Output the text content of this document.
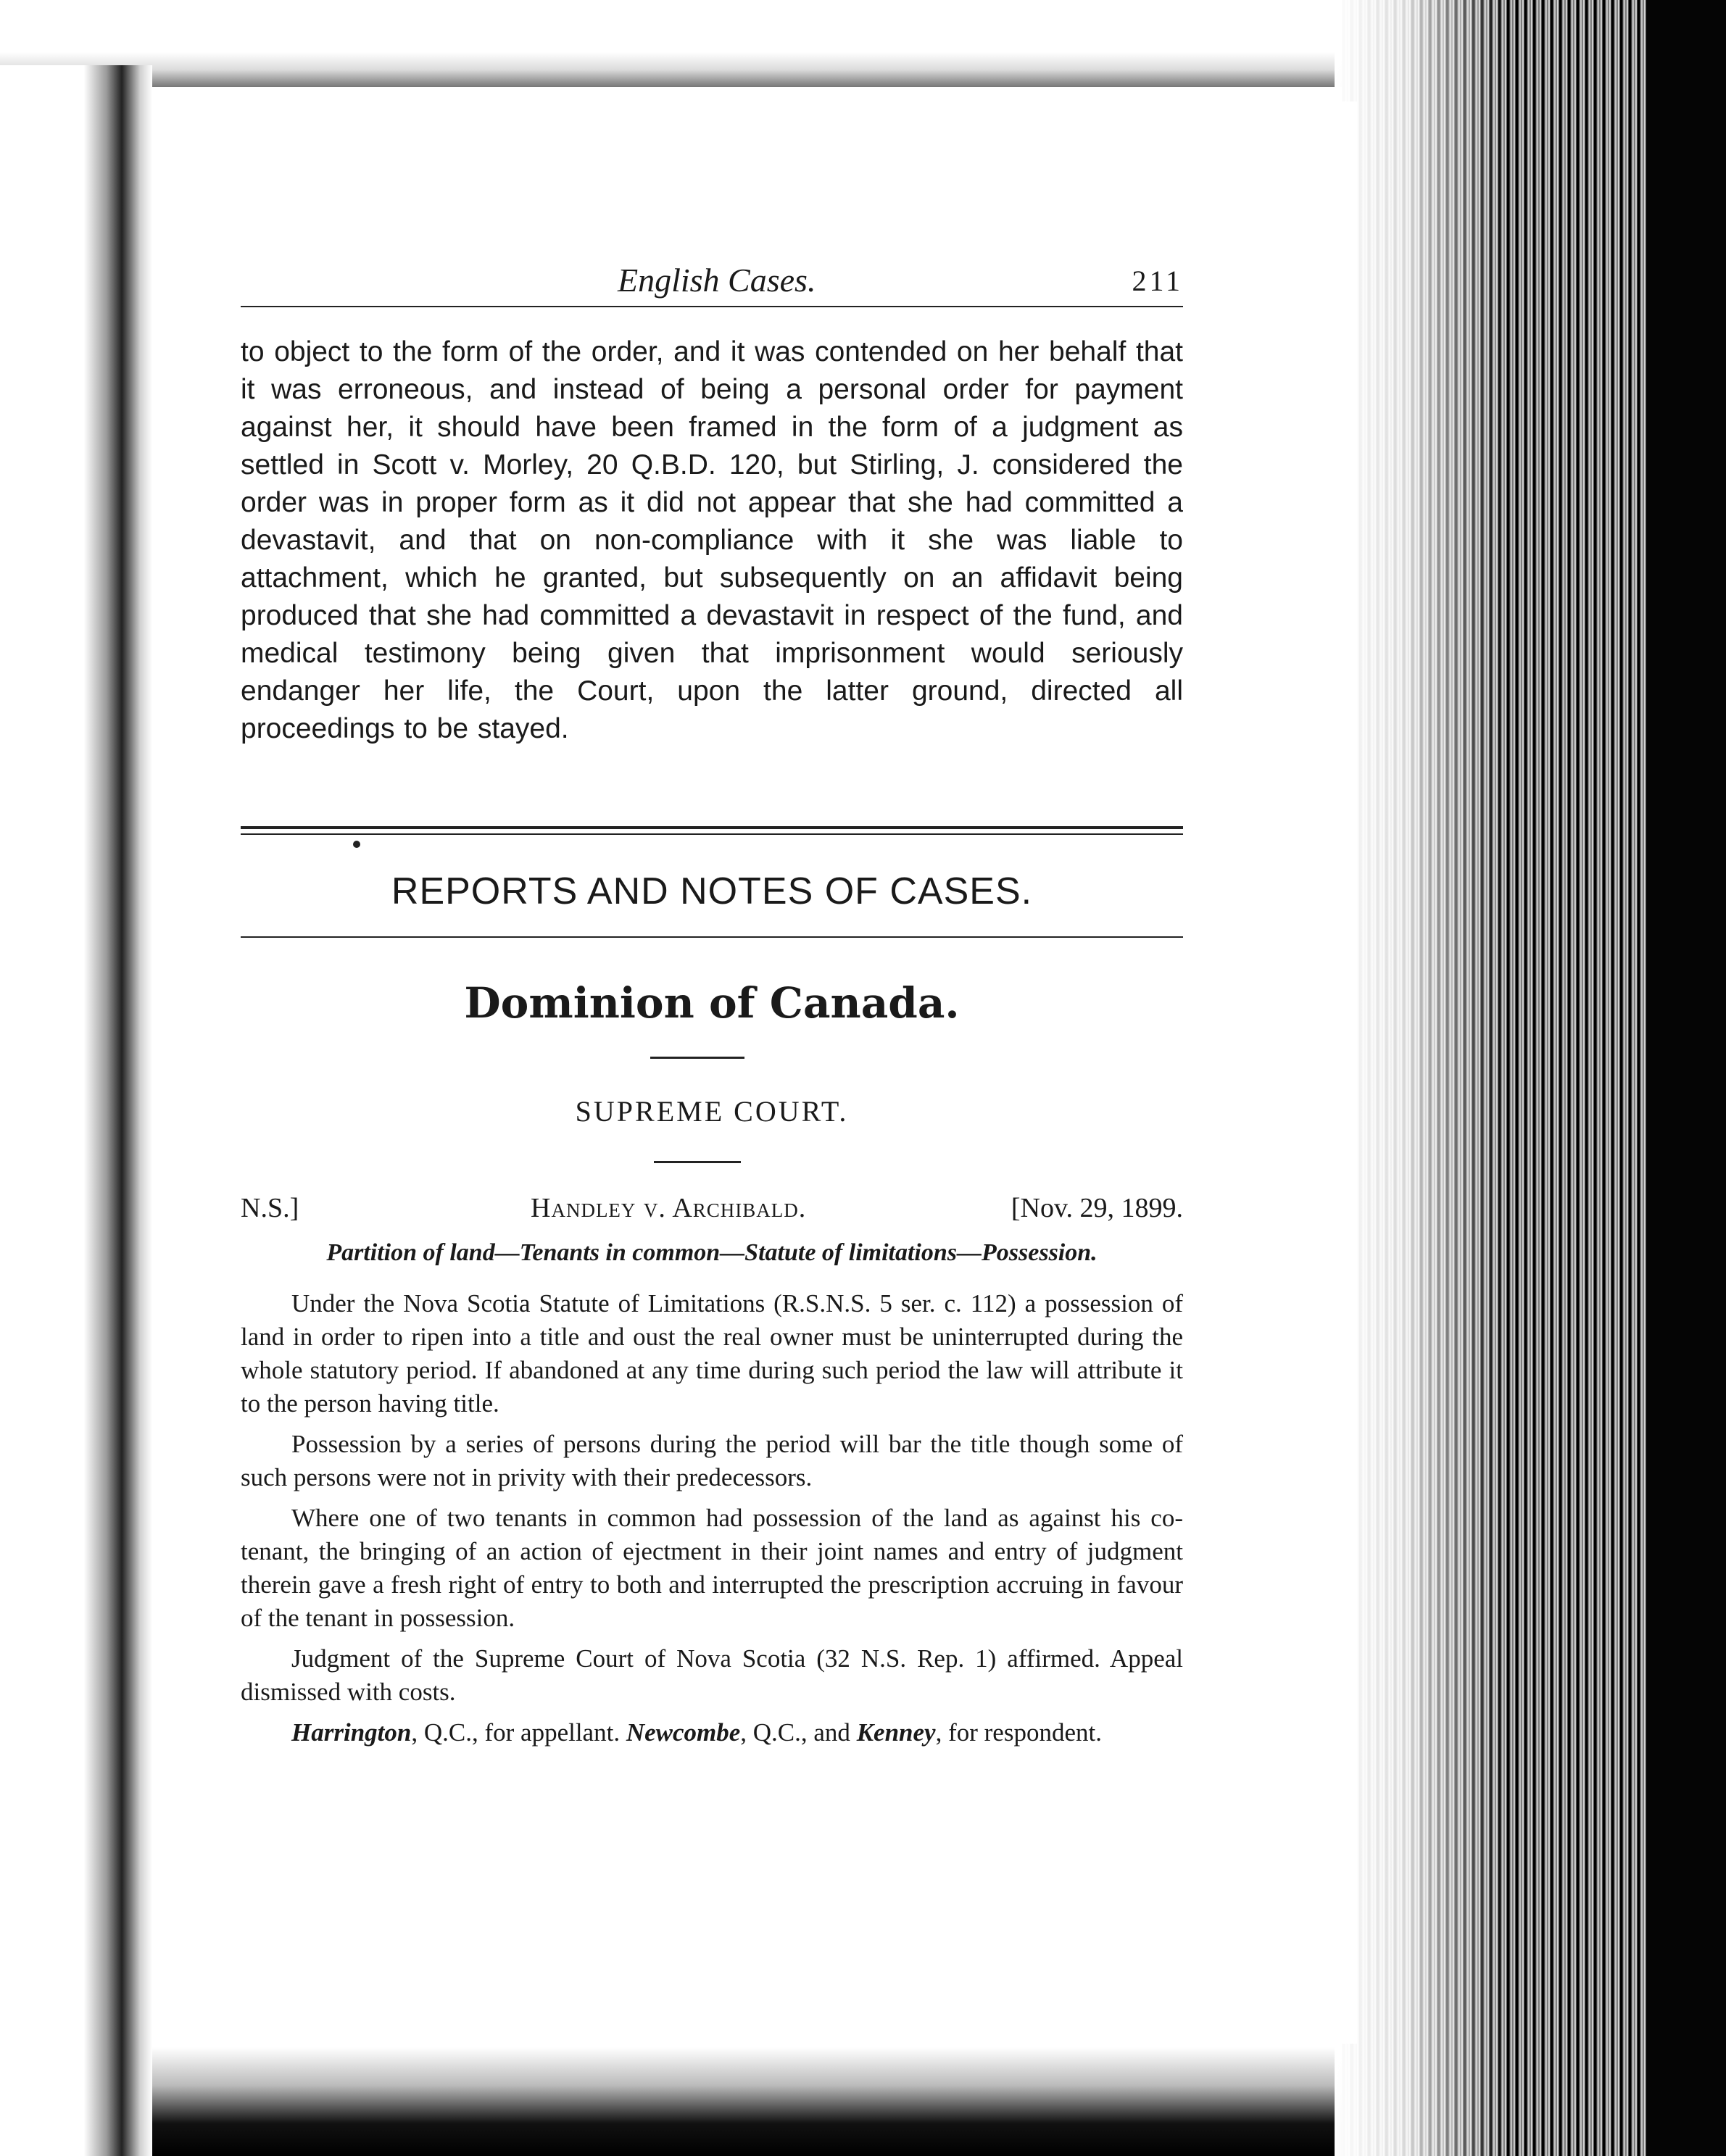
English Cases.	211
to object to the form of the order, and it was contended on her behalf that it was erroneous, and instead of being a personal order for payment against her, it should have been framed in the form of a judgment as settled in Scott v. Morley, 20 Q.B.D. 120, but Stirling, J. considered the order was in proper form as it did not appear that she had committed a devastavit, and that on non-compliance with it she was liable to attachment, which he granted, but subsequently on an affidavit being produced that she had committed a devastavit in respect of the fund, and medical testimony being given that imprisonment would seriously endanger her life, the Court, upon the latter ground, directed all proceedings to be stayed.
REPORTS AND NOTES OF CASES.
Dominion of Canada.
SUPREME COURT.
N.S.]	Handley v. Archibald.	[Nov. 29, 1899.
Partition of land—Tenants in common—Statute of limitations—Possession.

Under the Nova Scotia Statute of Limitations (R.S.N.S. 5 ser. c. 112) a possession of land in order to ripen into a title and oust the real owner must be uninterrupted during the whole statutory period. If abandoned at any time during such period the law will attribute it to the person having title.

Possession by a series of persons during the period will bar the title though some of such persons were not in privity with their predecessors.

Where one of two tenants in common had possession of the land as against his co-tenant, the bringing of an action of ejectment in their joint names and entry of judgment therein gave a fresh right of entry to both and interrupted the prescription accruing in favour of the tenant in possession.

Judgment of the Supreme Court of Nova Scotia (32 N.S. Rep. 1) affirmed. Appeal dismissed with costs.

Harrington, Q.C., for appellant. Newcombe, Q.C., and Kenney, for respondent.
